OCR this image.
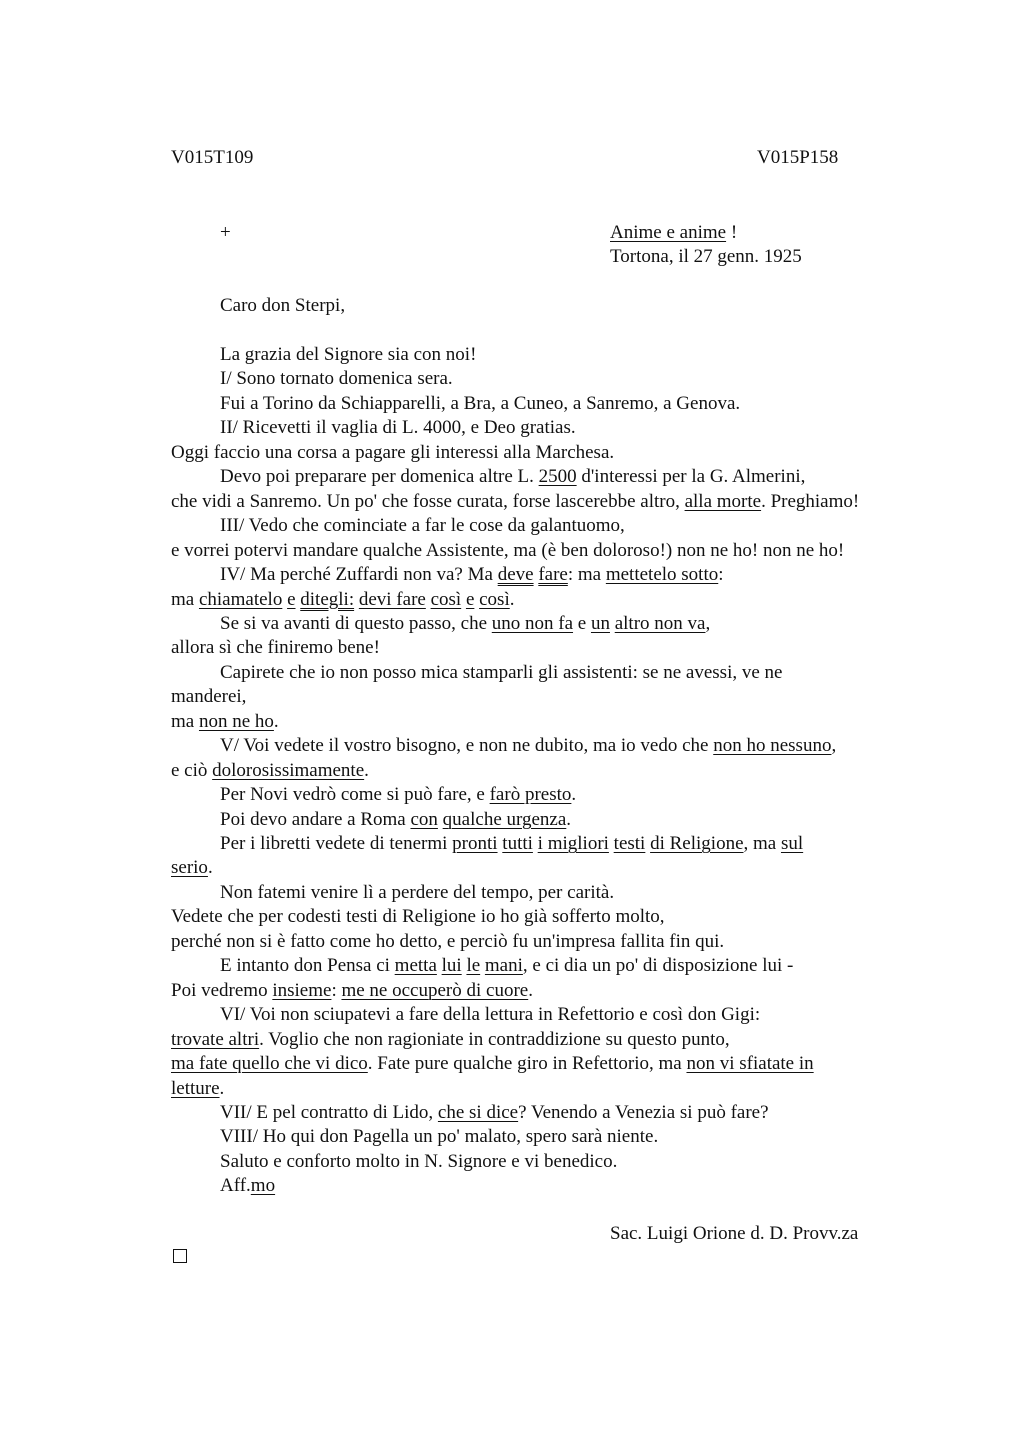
V015T109	V015P158
+	Anime e anime !
Tortona, il 27 genn. 1925
Caro don Sterpi,
La grazia del Signore sia con noi!
I/ Sono tornato domenica sera.
Fui a Torino da Schiapparelli, a Bra, a Cuneo, a Sanremo, a Genova.
II/ Ricevetti il vaglia di L. 4000, e Deo gratias.
Oggi faccio una corsa a pagare gli interessi alla Marchesa.
Devo poi preparare per domenica altre L. 2500 d'interessi per la G. Almerini,
che vidi a Sanremo. Un po' che fosse curata, forse lascerebbe altro, alla morte. Preghiamo!
III/ Vedo che cominciate a far le cose da galantuomo,
e vorrei potervi mandare qualche Assistente, ma (è ben doloroso!) non ne ho! non ne ho!
IV/ Ma perché Zuffardi non va? Ma deve fare: ma mettetelo sotto:
ma chiamatelo e ditegli: devi fare così e così.
Se si va avanti di questo passo, che uno non fa e un altro non va,
allora sì che finiremo bene!
Capirete che io non posso mica stamparli gli assistenti: se ne avessi, ve ne
manderei,
ma non ne ho.
V/ Voi vedete il vostro bisogno, e non ne dubito, ma io vedo che non ho nessuno,
e ciò dolorosissimamente.
Per Novi vedrò come si può fare, e farò presto.
Poi devo andare a Roma con qualche urgenza.
Per i libretti vedete di tenermi pronti tutti i migliori testi di Religione, ma sul
serio.
Non fatemi venire lì a perdere del tempo, per carità.
Vedete che per codesti testi di Religione io ho già sofferto molto,
perché non si è fatto come ho detto, e perciò fu un'impresa fallita fin qui.
E intanto don Pensa ci metta lui le mani, e ci dia un po' di disposizione lui -
Poi vedremo insieme: me ne occuperò di cuore.
VI/ Voi non sciupatevi a fare della lettura in Refettorio e così don Gigi:
trovate altri. Voglio che non ragioniate in contraddizione su questo punto,
ma fate quello che vi dico. Fate pure qualche giro in Refettorio, ma non vi sfiatate in
letture.
VII/ E pel contratto di Lido, che si dice? Venendo a Venezia si può fare?
VIII/ Ho qui don Pagella un po' malato, spero sarà niente.
Saluto e conforto molto in N. Signore e vi benedico.
Aff.mo
Sac. Luigi Orione d. D. Provv.za
